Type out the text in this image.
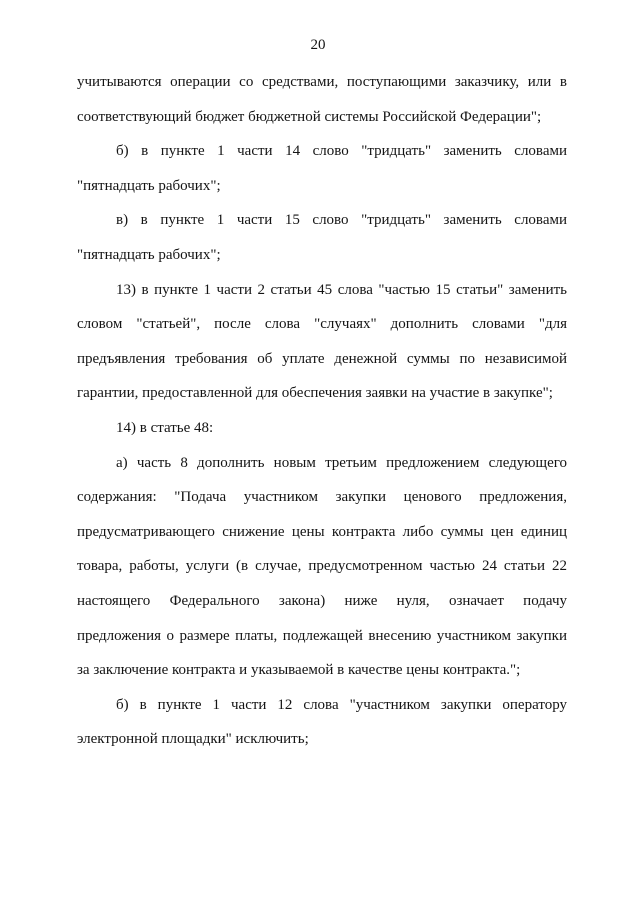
20
учитываются операции со средствами, поступающими заказчику, или в
соответствующий бюджет бюджетной системы Российской Федерации";
б) в пункте 1 части 14 слово "тридцать" заменить словами
"пятнадцать рабочих";
в) в пункте 1 части 15 слово "тридцать" заменить словами
"пятнадцать рабочих";
13) в пункте 1 части 2 статьи 45 слова "частью 15 статьи" заменить
словом "статьей", после слова "случаях" дополнить словами "для
предъявления требования об уплате денежной суммы по независимой
гарантии, предоставленной для обеспечения заявки на участие в закупке";
14) в статье 48:
а) часть 8 дополнить новым третьим предложением следующего
содержания: "Подача участником закупки ценового предложения,
предусматривающего снижение цены контракта либо суммы цен единиц
товара, работы, услуги (в случае, предусмотренном частью 24 статьи 22
настоящего Федерального закона) ниже нуля, означает подачу
предложения о размере платы, подлежащей внесению участником закупки
за заключение контракта и указываемой в качестве цены контракта.";
б) в пункте 1 части 12 слова "участником закупки оператору
электронной площадки" исключить;
